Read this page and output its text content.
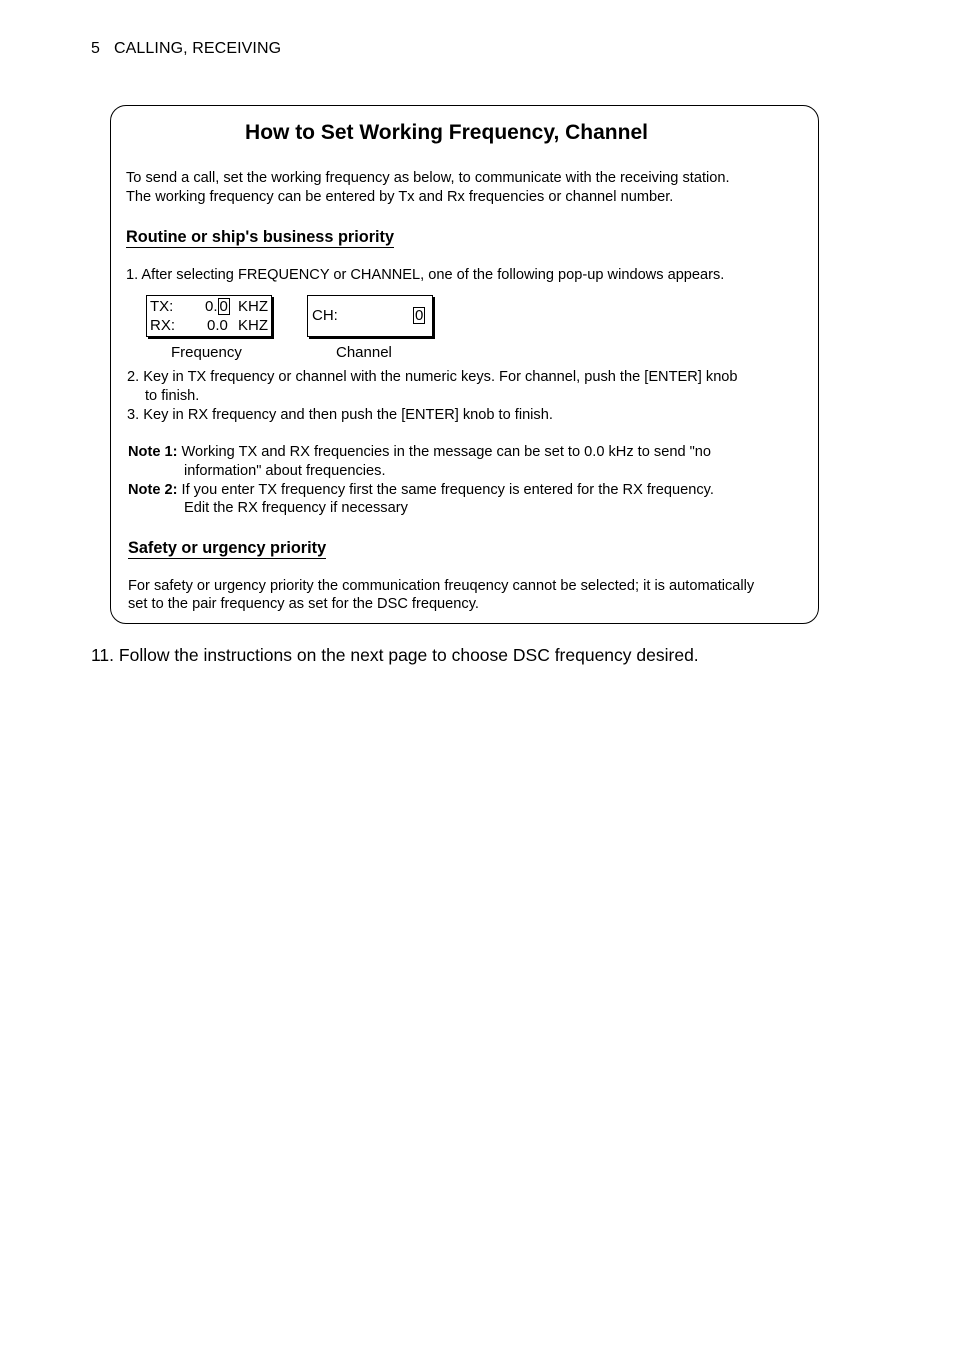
5 CALLING, RECEIVING
How to Set Working Frequency, Channel
To send a call, set the working frequency as below, to communicate with the receiving station.
The working frequency can be entered by Tx and Rx frequencies or channel number.
Routine or ship's business priority
1. After selecting FREQUENCY or CHANNEL, one of the following pop-up windows appears.
TX: 0. 0 KHZ
RX: 0.0 KHZ
Frequency
CH:	0
Channel
2. Key in TX frequency or channel with the numeric keys. For channel, push the [ENTER] knob
to finish.
3. Key in RX frequency and then push the [ENTER] knob to finish.
Note 1: Working TX and RX frequencies in the message can be set to 0.0 kHz to send "no
information" about frequencies.
Note 2: If you enter TX frequency first the same frequency is entered for the RX frequency.
Edit the RX frequency if necessary
Safety or urgency priority
For safety or urgency priority the communication freuqency cannot be selected; it is automatically
set to the pair frequency as set for the DSC frequency.
11. Follow the instructions on the next page to choose DSC frequency desired.
